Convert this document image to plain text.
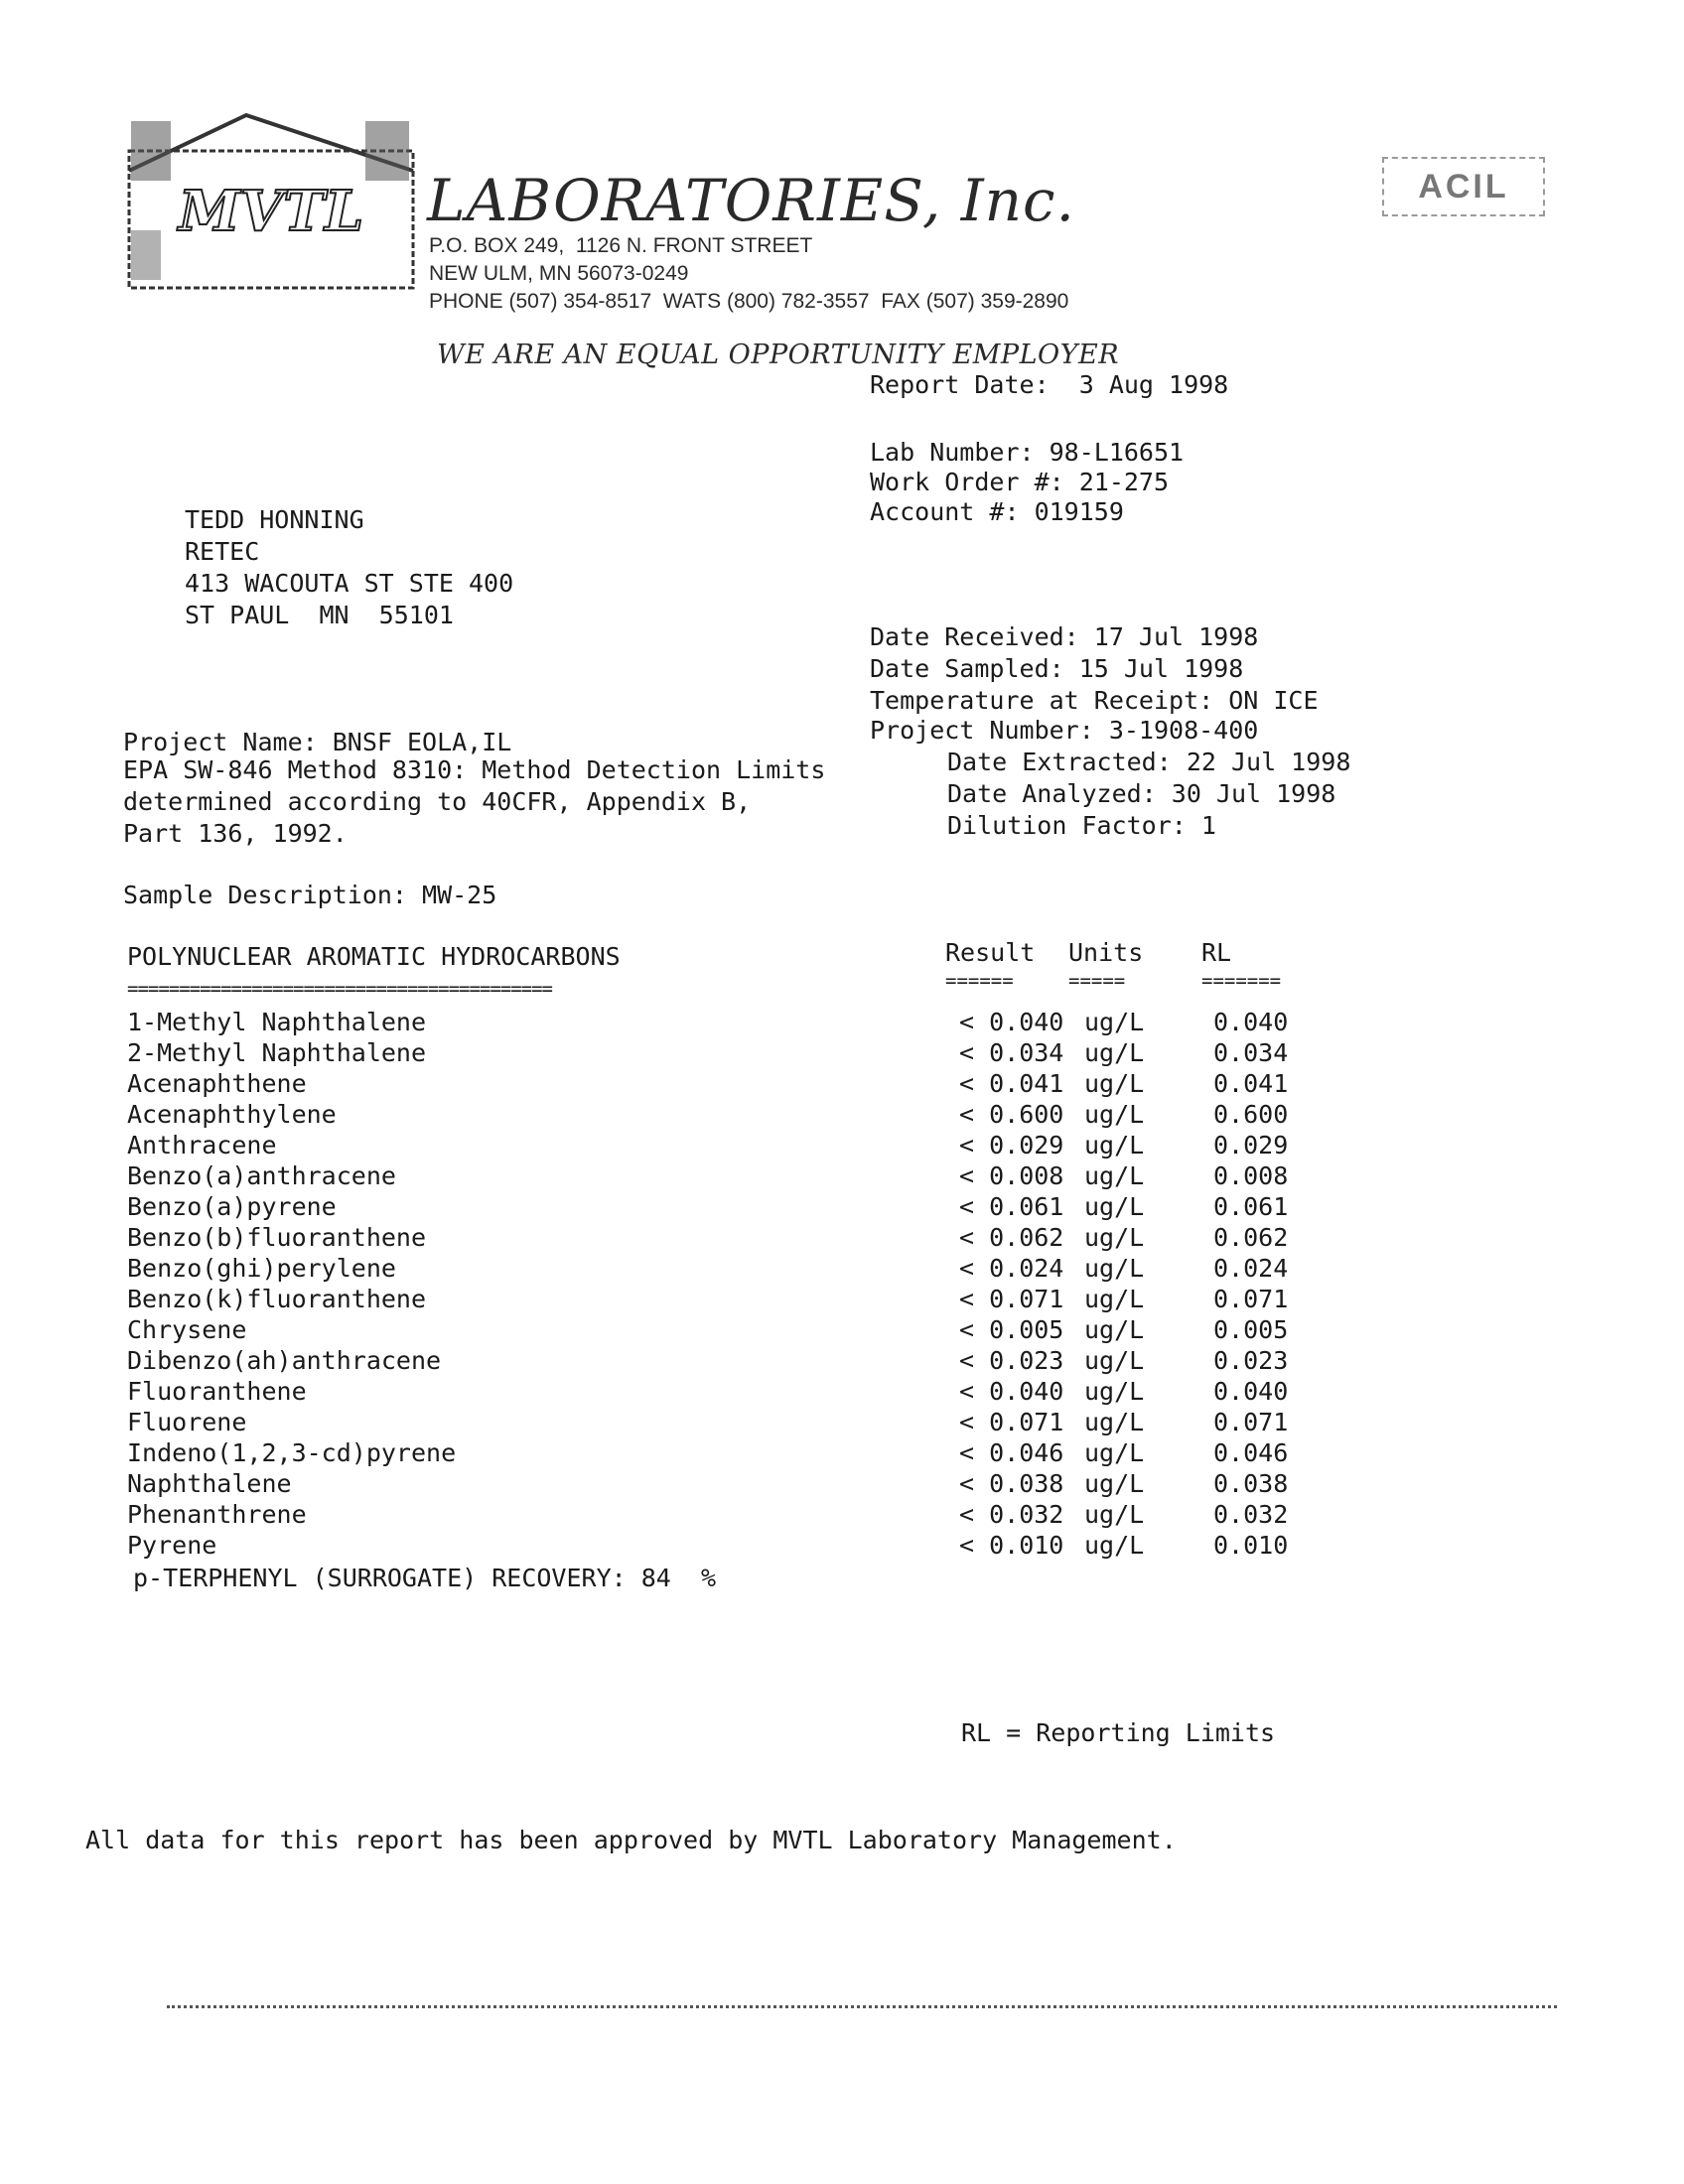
MVTL LABORATORIES, Inc.
P.O. BOX 249,  1126 N. FRONT STREET
NEW ULM, MN 56073-0249
PHONE (507) 354-8517  WATS (800) 782-3557  FAX (507) 359-2890
WE ARE AN EQUAL OPPORTUNITY EMPLOYER
ACIL
Report Date:  3 Aug 1998
Lab Number: 98-L16651
Work Order #: 21-275
Account #: 019159
TEDD HONNING
RETEC
413 WACOUTA ST STE 400
ST PAUL  MN  55101
Date Received: 17 Jul 1998
Date Sampled: 15 Jul 1998
Temperature at Receipt: ON ICE
Project Number: 3-1908-400
Date Extracted: 22 Jul 1998
Date Analyzed: 30 Jul 1998
Dilution Factor: 1
Project Name: BNSF EOLA,IL
EPA SW-846 Method 8310: Method Detection Limits
determined according to 40CFR, Appendix B,
Part 136, 1992.
Sample Description: MW-25
POLYNUCLEAR AROMATIC HYDROCARBONS
=========================================
Result Units RL
======	=====	=======
1-Methyl Naphthalene	< 0.040 ug/L	0.040
2-Methyl Naphthalene	< 0.034 ug/L	0.034
Acenaphthene	< 0.041 ug/L	0.041
Acenaphthylene	< 0.600 ug/L	0.600
Anthracene	< 0.029 ug/L	0.029
Benzo(a)anthracene	< 0.008 ug/L	0.008
Benzo(a)pyrene	< 0.061 ug/L	0.061
Benzo(b)fluoranthene	< 0.062 ug/L	0.062
Benzo(ghi)perylene	< 0.024 ug/L	0.024
Benzo(k)fluoranthene	< 0.071 ug/L	0.071
Chrysene	< 0.005 ug/L	0.005
Dibenzo(ah)anthracene	< 0.023 ug/L	0.023
Fluoranthene	< 0.040 ug/L	0.040
Fluorene	< 0.071 ug/L	0.071
Indeno(1,2,3-cd)pyrene	< 0.046 ug/L	0.046
Naphthalene	< 0.038 ug/L	0.038
Phenanthrene	< 0.032 ug/L	0.032
Pyrene	< 0.010 ug/L	0.010
p-TERPHENYL (SURROGATE) RECOVERY: 84  %
RL = Reporting Limits
All data for this report has been approved by MVTL Laboratory Management.
